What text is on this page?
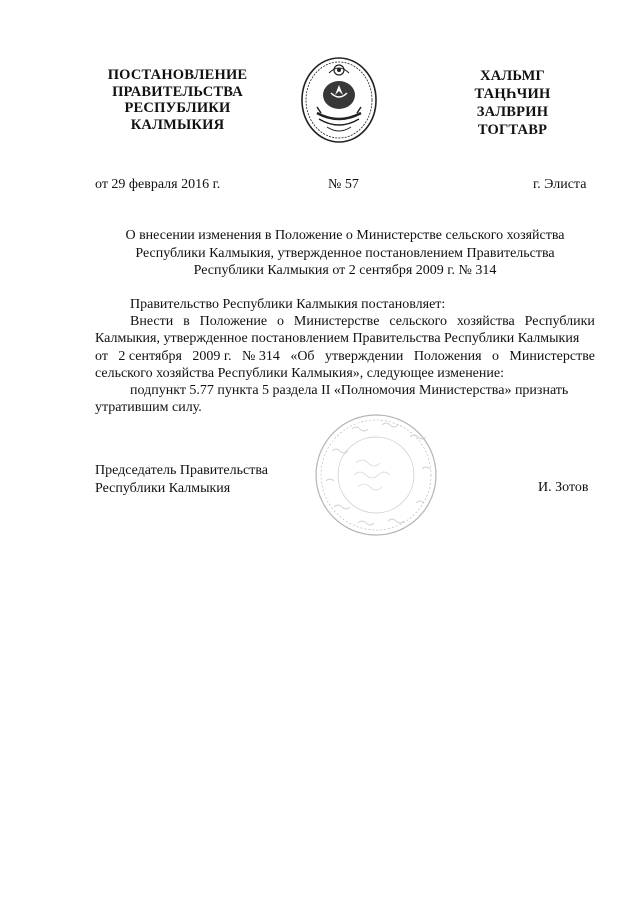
ПОСТАНОВЛЕНИЕ
ПРАВИТЕЛЬСТВА
РЕСПУБЛИКИ
КАЛМЫКИЯ
ХАЛЬМГ
ТАҢҺЧИН
ЗАЛВРИН
ТОГТАВР
от 29 февраля 2016 г.	№ 57	г. Элиста
О внесении изменения в Положение о Министерстве сельского хозяйства
Республики Калмыкия, утвержденное постановлением Правительства
Республики Калмыкия от 2 сентября 2009 г. № 314
Правительство Республики Калмыкия постановляет:
Внести в Положение о Министерстве сельского хозяйства Республики
Калмыкия, утвержденное постановлением Правительства Республики Калмыкия
от 2 сентября 2009 г. № 314 «Об утверждении Положения о Министерстве
сельского хозяйства Республики Калмыкия», следующее изменение:
подпункт 5.77 пункта 5 раздела II «Полномочия Министерства» признать
утратившим силу.
Председатель Правительства
Республики Калмыкия	И. Зотов
